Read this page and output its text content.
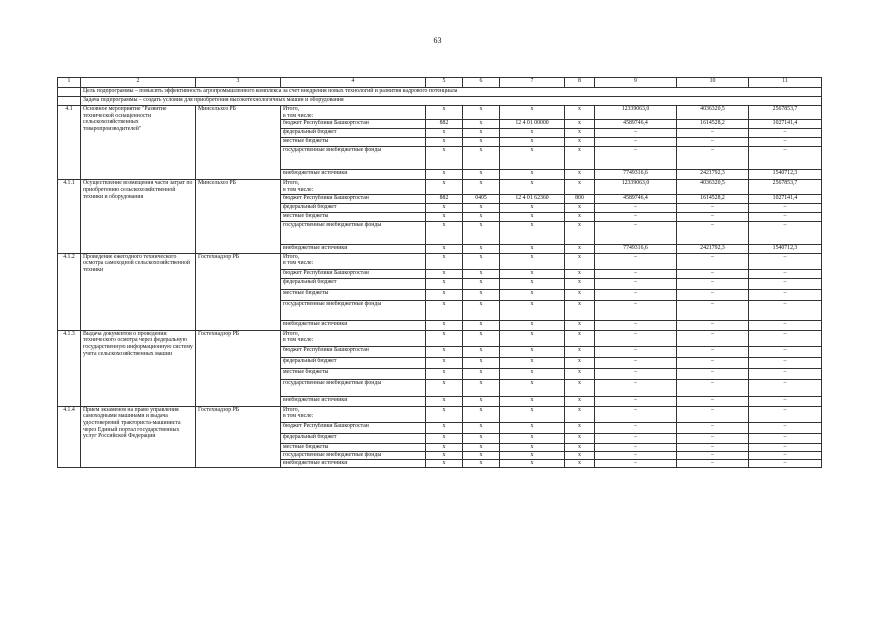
63
1	2	3	4	5	6	7	8	9	10	11
	Цель подпрограммы – повысить эффективность агропромышленного комплекса за счет внедрения новых технологий и развития кадрового потенциала									
	Задача подпрограммы – создать условия для приобретения высокотехнологичных машин и оборудования									
4.1	Основное мероприятие "Развитие технической оснащенности сельскохозяйственных товаропроизводителей"	Минсельхоз РБ	Итого,
в том числе:	х	х	х	х	12339063,0	4036320,5	2567853,7
			бюджет Республики Башкортостан	882	х	12 4 01 00000	х	4589746,4	1614528,2	1027141,4
			федеральный бюджет	х	х	х	х	–	–	–
			местные бюджеты	х	х	х	х	–	–	–
			государственные внебюджетные фонды	х	х	х	х	–	–	–
			внебюджетные источники	х	х	х	х	7749316,6	2421792,3	1540712,3
4.1.1	Осуществление возмещения части затрат по приобретению сельскохозяйственной техники и оборудования	Минсельхоз РБ	Итого,
в том числе:	х	х	х	х	12339063,0	4036320,5	2567853,7
			бюджет Республики Башкортостан	882	0405	12 4 01 62360	800	4589746,4	1614528,2	1027141,4
			федеральный бюджет	х	х	х	х	–	–	–
			местные бюджеты	х	х	х	х	–	–	–
			государственные внебюджетные фонды	х	х	х	х	–	–	–
			внебюджетные источники	х	х	х	х	7749316,6	2421792,3	1540712,3
4.1.2	Проведение ежегодного технического осмотра самоходной сельскохозяйственной техники	Гостехнадзор РБ	Итого,
в том числе:	х	х	х	х	–	–	–
			бюджет Республики Башкортостан	х	х	х	х	–	–	–
			федеральный бюджет	х	х	х	х	–	–	–
			местные бюджеты	х	х	х	х	–	–	–
			государственные внебюджетные фонды	х	х	х	х	–	–	–
			внебюджетные источники	х	х	х	х	–	–	–
4.1.3	Выдача документов о проведении технического осмотра через федеральную государственную информационную систему учета сельскохозяйственных машин	Гостехнадзор РБ	Итого,
в том числе:	х	х	х	х	–	–	–
			бюджет Республики Башкортостан	х	х	х	х	–	–	–
			федеральный бюджет	х	х	х	х	–	–	–
			местные бюджеты	х	х	х	х	–	–	–
			государственные внебюджетные фонды	х	х	х	х	–	–	–
			внебюджетные источники	х	х	х	х	–	–	–
4.1.4	Прием экзаменов на право управления самоходными машинами и выдача удостоверений тракториста-машиниста через Единый портал государственных услуг Российской Федерации	Гостехнадзор РБ	Итого,
в том числе:	х	х	х	х	–	–	–
			бюджет Республики Башкортостан	х	х	х	х	–	–	–
			федеральный бюджет	х	х	х	х	–	–	–
			местные бюджеты	х	х	х	х	–	–	–
			государственные внебюджетные фонды	х	х	х	х	–	–	–
			внебюджетные источники	х	х	х	х	–	–	–
